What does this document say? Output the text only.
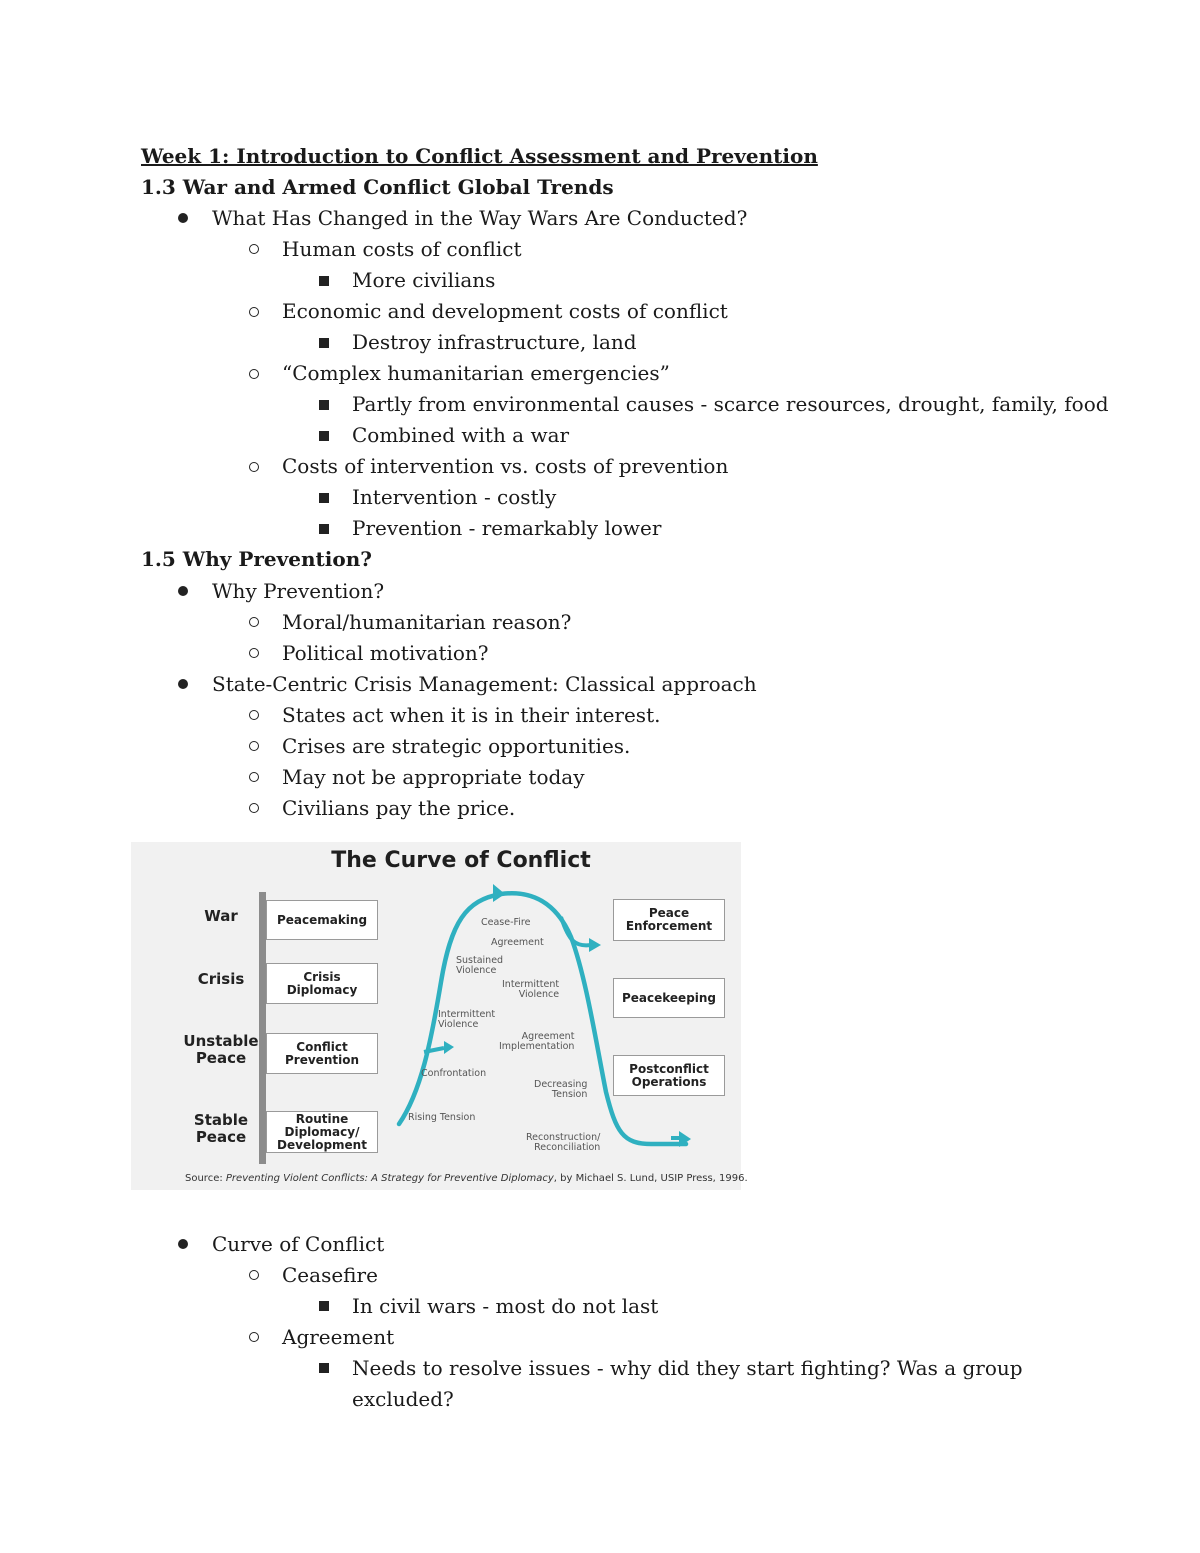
Week 1: Introduction to Conflict Assessment and Prevention
1.3 War and Armed Conflict Global Trends
What Has Changed in the Way Wars Are Conducted?
Human costs of conflict
More civilians
Economic and development costs of conflict
Destroy infrastructure, land
“Complex humanitarian emergencies”
Partly from environmental causes - scarce resources, drought, family, food
Combined with a war
Costs of intervention vs. costs of prevention
Intervention - costly
Prevention - remarkably lower
1.5 Why Prevention?
Why Prevention?
Moral/humanitarian reason?
Political motivation?
State-Centric Crisis Management: Classical approach
States act when it is in their interest.
Crises are strategic opportunities.
May not be appropriate today
Civilians pay the price.
The Curve of Conflict
War
Crisis
Unstable
Peace
Stable
Peace
Peacemaking
Crisis
Diplomacy
Conflict
Prevention
Routine
Diplomacy/
Development
Peace
Enforcement
Peacekeeping
Postconflict
Operations
Cease-Fire
Agreement
Sustained
Violence
Intermittent
Violence
Intermittent
Violence
Agreement
Implementation
Confrontation
Decreasing
Tension
Rising Tension
Reconstruction/
Reconciliation
Source: Preventing Violent Conflicts: A Strategy for Preventive Diplomacy, by Michael S. Lund, USIP Press, 1996.
Curve of Conflict
Ceasefire
In civil wars - most do not last
Agreement
Needs to resolve issues - why did they start fighting? Was a group
excluded?
